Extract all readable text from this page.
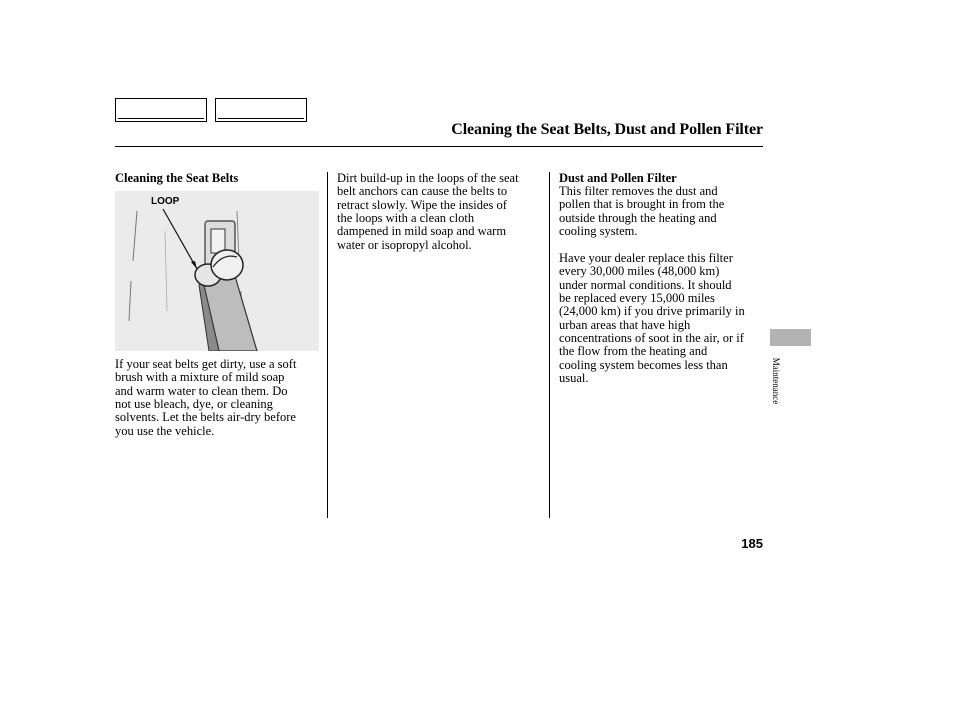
Cleaning the Seat Belts, Dust and Pollen Filter
Cleaning the Seat Belts
LOOP
If your seat belts get dirty, use a soft
brush with a mixture of mild soap
and warm water to clean them. Do
not use bleach, dye, or cleaning
solvents. Let the belts air-dry before
you use the vehicle.
Dirt build-up in the loops of the seat
belt anchors can cause the belts to
retract slowly. Wipe the insides of
the loops with a clean cloth
dampened in mild soap and warm
water or isopropyl alcohol.
Dust and Pollen Filter
This filter removes the dust and
pollen that is brought in from the
outside through the heating and
cooling system.
Have your dealer replace this filter
every 30,000 miles (48,000 km)
under normal conditions. It should
be replaced every 15,000 miles
(24,000 km) if you drive primarily in
urban areas that have high
concentrations of soot in the air, or if
the flow from the heating and
cooling system becomes less than
usual.	Maintenance
185
